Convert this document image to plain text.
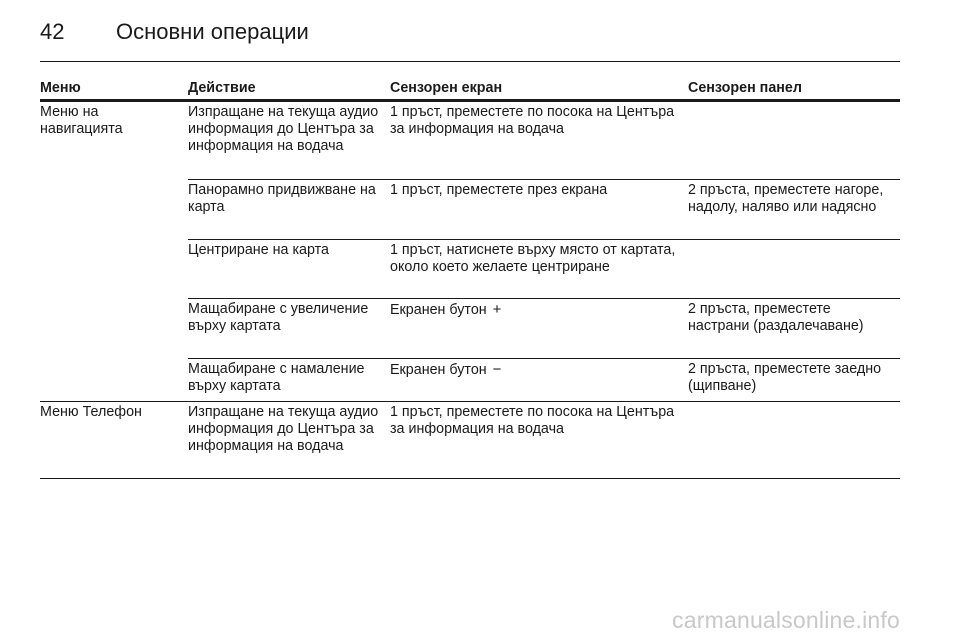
42	Основни операции
Меню	Действие	Сензорен екран	Сензорен панел
Меню на навигацията	Изпращане на текуща аудио информация до Центъра за информация на водача	1 пръст, преместете по посока на Центъра за информация на водача	
	Панорамно придвижване на карта	1 пръст, преместете през екрана	2 пръста, преместете нагоре, надолу, наляво или надясно
	Центриране на карта	1 пръст, натиснете върху място от картата, около което желаете центриране	
	Мащабиране с увеличение върху картата	Екранен бутон +	2 пръста, преместете настрани (раздалечаване)
	Мащабиране с намаление върху картата	Екранен бутон −	2 пръста, преместете заедно (щипване)
Меню Телефон	Изпращане на текуща аудио информация до Центъра за информация на водача	1 пръст, преместете по посока на Центъра за информация на водача	
carmanualsonline.info
